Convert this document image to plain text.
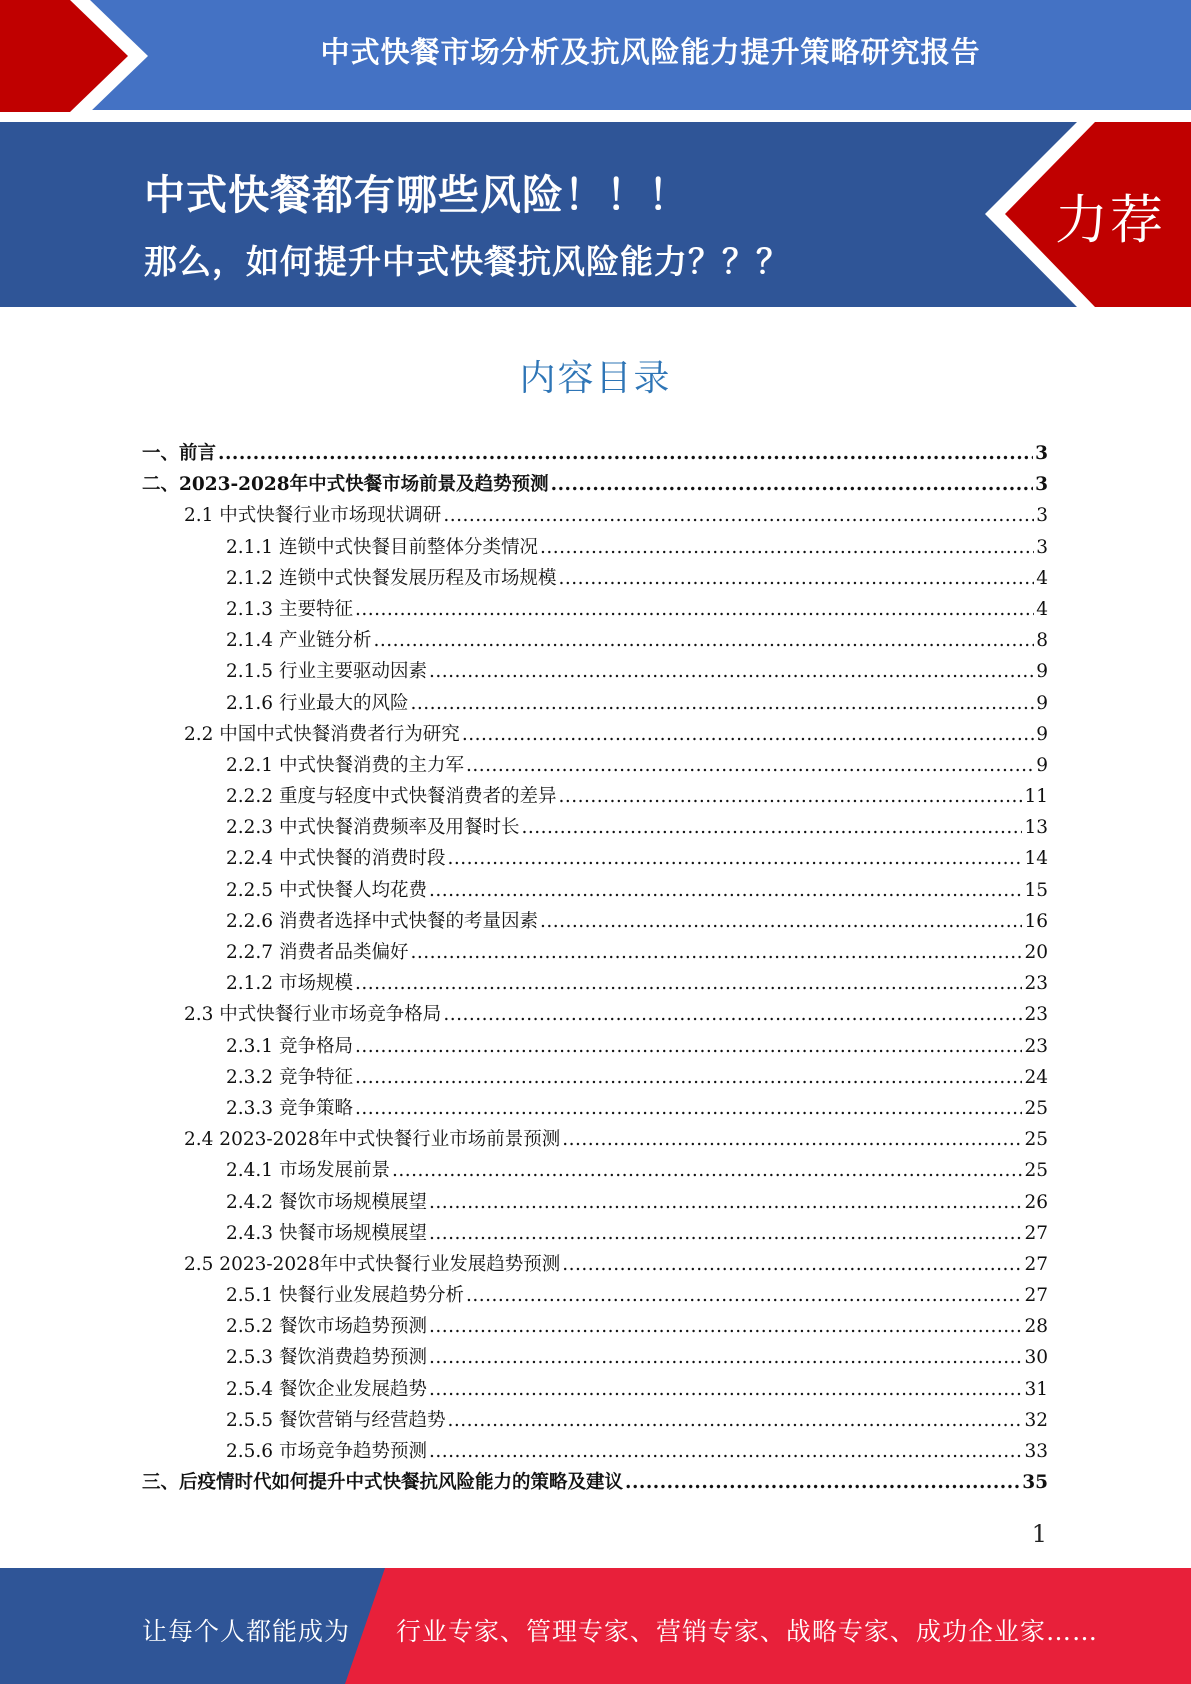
中式快餐市场分析及抗风险能力提升策略研究报告
中式快餐都有哪些风险！！！
那么，如何提升中式快餐抗风险能力？？？
力荐
内容目录
一、前言 .....	3
二、2023-2028年中式快餐市场前景及趋势预测 .....	3
2.1 中式快餐行业市场现状调研 .....	3
2.1.1 连锁中式快餐目前整体分类情况 .....	3
2.1.2 连锁中式快餐发展历程及市场规模 .....	4
2.1.3 主要特征 .....	4
2.1.4 产业链分析 .....	8
2.1.5 行业主要驱动因素 .....	9
2.1.6 行业最大的风险 .....	9
2.2 中国中式快餐消费者行为研究 .....	9
2.2.1 中式快餐消费的主力军 .....	9
2.2.2 重度与轻度中式快餐消费者的差异 .....	11
2.2.3 中式快餐消费频率及用餐时长 .....	13
2.2.4 中式快餐的消费时段 .....	14
2.2.5 中式快餐人均花费 .....	15
2.2.6 消费者选择中式快餐的考量因素 .....	16
2.2.7 消费者品类偏好 .....	20
2.1.2 市场规模 .....	23
2.3 中式快餐行业市场竞争格局 .....	23
2.3.1 竞争格局 .....	23
2.3.2 竞争特征 .....	24
2.3.3 竞争策略 .....	25
2.4 2023-2028年中式快餐行业市场前景预测 .....	25
2.4.1 市场发展前景 .....	25
2.4.2 餐饮市场规模展望 .....	26
2.4.3 快餐市场规模展望 .....	27
2.5 2023-2028年中式快餐行业发展趋势预测 .....	27
2.5.1 快餐行业发展趋势分析 .....	27
2.5.2 餐饮市场趋势预测 .....	28
2.5.3 餐饮消费趋势预测 .....	30
2.5.4 餐饮企业发展趋势 .....	31
2.5.5 餐饮营销与经营趋势 .....	32
2.5.6 市场竞争趋势预测 .....	33
三、后疫情时代如何提升中式快餐抗风险能力的策略及建议 .....	35
1
让每个人都能成为 行业专家、管理专家、营销专家、战略专家、成功企业家……
